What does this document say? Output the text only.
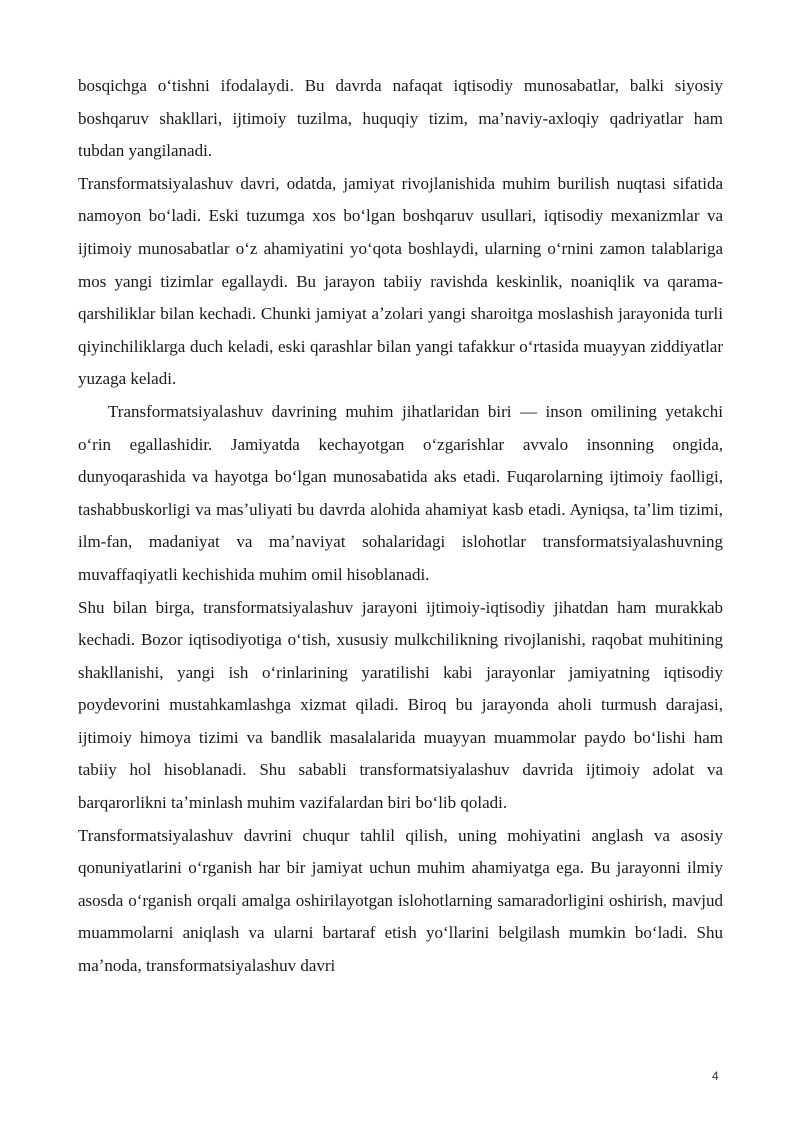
bosqichga oʻtishni ifodalaydi. Bu davrda nafaqat iqtisodiy munosabatlar, balki siyosiy boshqaruv shakllari, ijtimoiy tuzilma, huquqiy tizim, maʼnaviy-axloqiy qadriyatlar ham tubdan yangilanadi.

Transformatsiyalashuv davri, odatda, jamiyat rivojlanishida muhim burilish nuqtasi sifatida namoyon boʻladi. Eski tuzumga xos boʻlgan boshqaruv usullari, iqtisodiy mexanizmlar va ijtimoiy munosabatlar oʻz ahamiyatini yoʻqota boshlaydi, ularning oʻrnini zamon talablariga mos yangi tizimlar egallaydi. Bu jarayon tabiiy ravishda keskinlik, noaniqlik va qarama-qarshiliklar bilan kechadi. Chunki jamiyat aʼzolari yangi sharoitga moslashish jarayonida turli qiyinchiliklarga duch keladi, eski qarashlar bilan yangi tafakkur oʻrtasida muayyan ziddiyatlar yuzaga keladi.

Transformatsiyalashuv davrining muhim jihatlaridan biri — inson omilining yetakchi oʻrin egallashidir. Jamiyatda kechayotgan oʻzgarishlar avvalo insonning ongida, dunyoqarashida va hayotga boʻlgan munosabatida aks etadi. Fuqarolarning ijtimoiy faolligi, tashabbuskorligi va masʼuliyati bu davrda alohida ahamiyat kasb etadi. Ayniqsa, taʼlim tizimi, ilm-fan, madaniyat va maʼnaviyat sohalaridagi islohotlar transformatsiyalashuvning muvaffaqiyatli kechishida muhim omil hisoblanadi.

Shu bilan birga, transformatsiyalashuv jarayoni ijtimoiy-iqtisodiy jihatdan ham murakkab kechadi. Bozor iqtisodiyotiga oʻtish, xususiy mulkchilikning rivojlanishi, raqobat muhitining shakllanishi, yangi ish oʻrinlarining yaratilishi kabi jarayonlar jamiyatning iqtisodiy poydevorini mustahkamlashga xizmat qiladi. Biroq bu jarayonda aholi turmush darajasi, ijtimoiy himoya tizimi va bandlik masalalarida muayyan muammolar paydo boʻlishi ham tabiiy hol hisoblanadi. Shu sababli transformatsiyalashuv davrida ijtimoiy adolat va barqarorlikni taʼminlash muhim vazifalardan biri boʻlib qoladi.

Transformatsiyalashuv davrini chuqur tahlil qilish, uning mohiyatini anglash va asosiy qonuniyatlarini oʻrganish har bir jamiyat uchun muhim ahamiyatga ega. Bu jarayonni ilmiy asosda oʻrganish orqali amalga oshirilayotgan islohotlarning samaradorligini oshirish, mavjud muammolarni aniqlash va ularni bartaraf etish yoʻllarini belgilash mumkin boʻladi. Shu maʼnoda, transformatsiyalashuv davri

4
